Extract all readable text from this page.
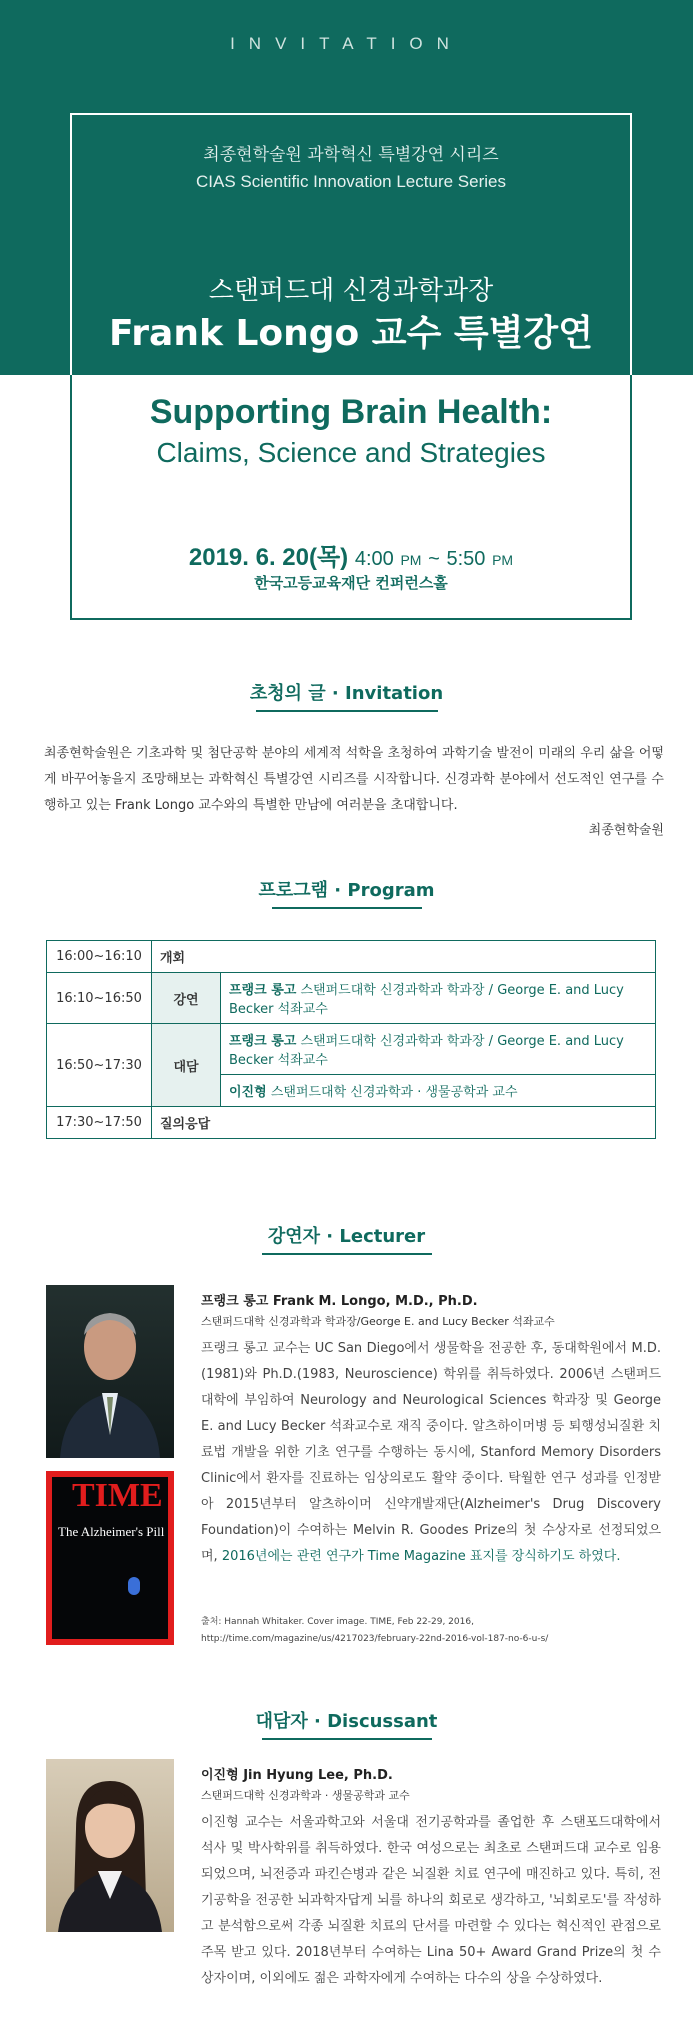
INVITATION
최종현학술원 과학혁신 특별강연 시리즈
CIAS Scientific Innovation Lecture Series
스탠퍼드대 신경과학과장
Frank Longo 교수 특별강연
Supporting Brain Health:
Claims, Science and Strategies
2019. 6. 20(목) 4:00 PM ~ 5:50 PM
한국고등교육재단 컨퍼런스홀
초청의 글 · Invitation
최종현학술원은 기초과학 및 첨단공학 분야의 세계적 석학을 초청하여 과학기술 발전이 미래의 우리 삶을 어떻게 바꾸어놓을지 조망해보는 과학혁신 특별강연 시리즈를 시작합니다. 신경과학 분야에서 선도적인 연구를 수행하고 있는 Frank Longo 교수와의 특별한 만남에 여러분을 초대합니다.
최종현학술원
프로그램 · Program
16:00~16:10	개회	
16:10~16:50	강연	프랭크 롱고 스탠퍼드대학 신경과학과 학과장 / George E. and Lucy Becker 석좌교수
16:50~17:30	대담	프랭크 롱고 스탠퍼드대학 신경과학과 학과장 / George E. and Lucy Becker 석좌교수
		이진형 스탠퍼드대학 신경과학과 · 생물공학과 교수
17:30~17:50	질의응답	
강연자 · Lecturer
TIME
The Alzheimer's Pill
프랭크 롱고 Frank M. Longo, M.D., Ph.D.
스탠퍼드대학 신경과학과 학과장/George E. and Lucy Becker 석좌교수
프랭크 롱고 교수는 UC San Diego에서 생물학을 전공한 후, 동대학원에서 M.D.(1981)와 Ph.D.(1983, Neuroscience) 학위를 취득하였다. 2006년 스탠퍼드대학에 부임하여 Neurology and Neurological Sciences 학과장 및 George E. and Lucy Becker 석좌교수로 재직 중이다. 알츠하이머병 등 퇴행성뇌질환 치료법 개발을 위한 기초 연구를 수행하는 동시에, Stanford Memory Disorders Clinic에서 환자를 진료하는 임상의로도 활약 중이다. 탁월한 연구 성과를 인정받아 2015년부터 알츠하이머 신약개발재단(Alzheimer's Drug Discovery Foundation)이 수여하는 Melvin R. Goodes Prize의 첫 수상자로 선정되었으며, 2016년에는 관련 연구가 Time Magazine 표지를 장식하기도 하였다.
출처: Hannah Whitaker. Cover image. TIME, Feb 22-29, 2016,
http://time.com/magazine/us/4217023/february-22nd-2016-vol-187-no-6-u-s/
대담자 · Discussant
이진형 Jin Hyung Lee, Ph.D.
스탠퍼드대학 신경과학과 · 생물공학과 교수
이진형 교수는 서울과학고와 서울대 전기공학과를 졸업한 후 스탠포드대학에서 석사 및 박사학위를 취득하였다. 한국 여성으로는 최초로 스탠퍼드대 교수로 임용되었으며, 뇌전증과 파킨슨병과 같은 뇌질환 치료 연구에 매진하고 있다. 특히, 전기공학을 전공한 뇌과학자답게 뇌를 하나의 회로로 생각하고, '뇌회로도'를 작성하고 분석함으로써 각종 뇌질환 치료의 단서를 마련할 수 있다는 혁신적인 관점으로 주목 받고 있다. 2018년부터 수여하는 Lina 50+ Award Grand Prize의 첫 수상자이며, 이외에도 젊은 과학자에게 수여하는 다수의 상을 수상하였다.
